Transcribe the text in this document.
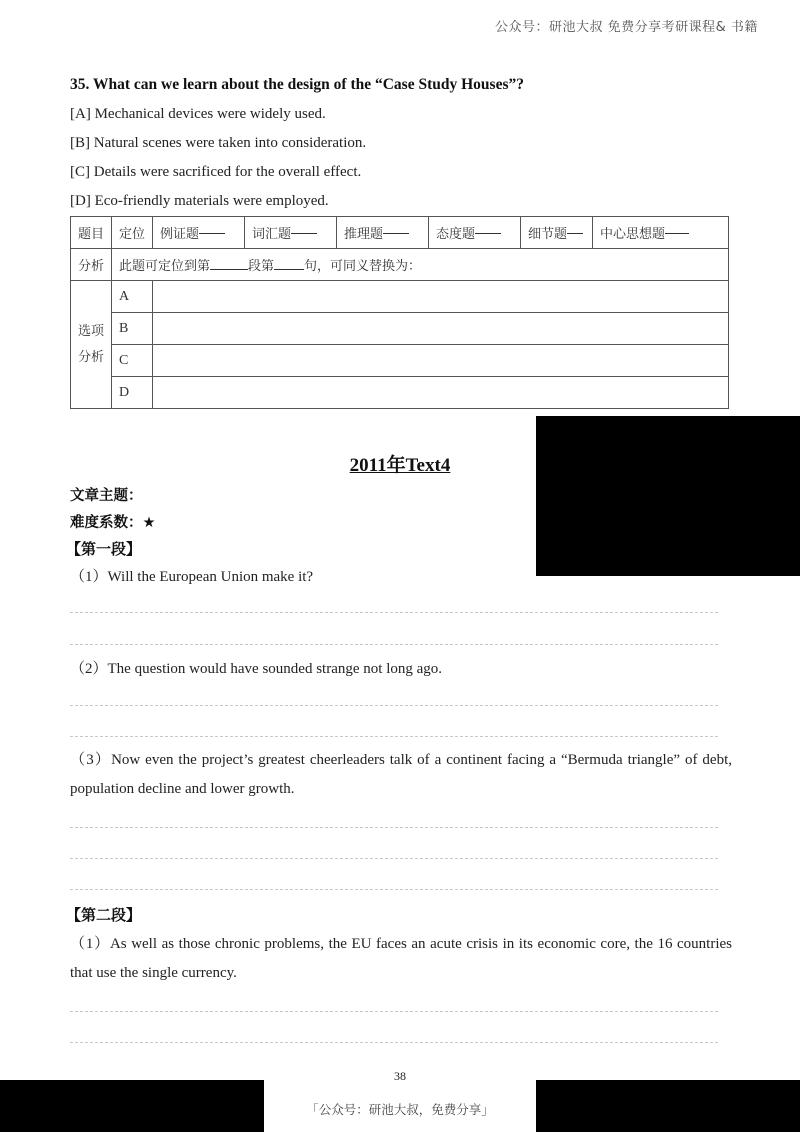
公众号：研池大叔 免费分享考研课程& 书籍
35. What can we learn about the design of the “Case Study Houses”?
[A] Mechanical devices were widely used.
[B] Natural scenes were taken into consideration.
[C] Details were sacrificed for the overall effect.
[D] Eco-friendly materials were employed.
题目	定位	例证题	词汇题	推理题	态度题	细节题	中心思想题

分析	此题可定位到第 段第 句，可同义替换为：	

选项
分析	A	
	B	
	C	
	D	
2011年Text4
文章主题：
难度系数：★
【第一段】
（1）Will the European Union make it?
（2）The question would have sounded strange not long ago.
（3）Now even the project’s greatest cheerleaders talk of a continent facing a “Bermuda triangle” of debt, population decline and lower growth.
【第二段】
（1）As well as those chronic problems, the EU faces an acute crisis in its economic core, the 16 countries that use the single currency.
38
「公众号：研池大叔，免费分享」
